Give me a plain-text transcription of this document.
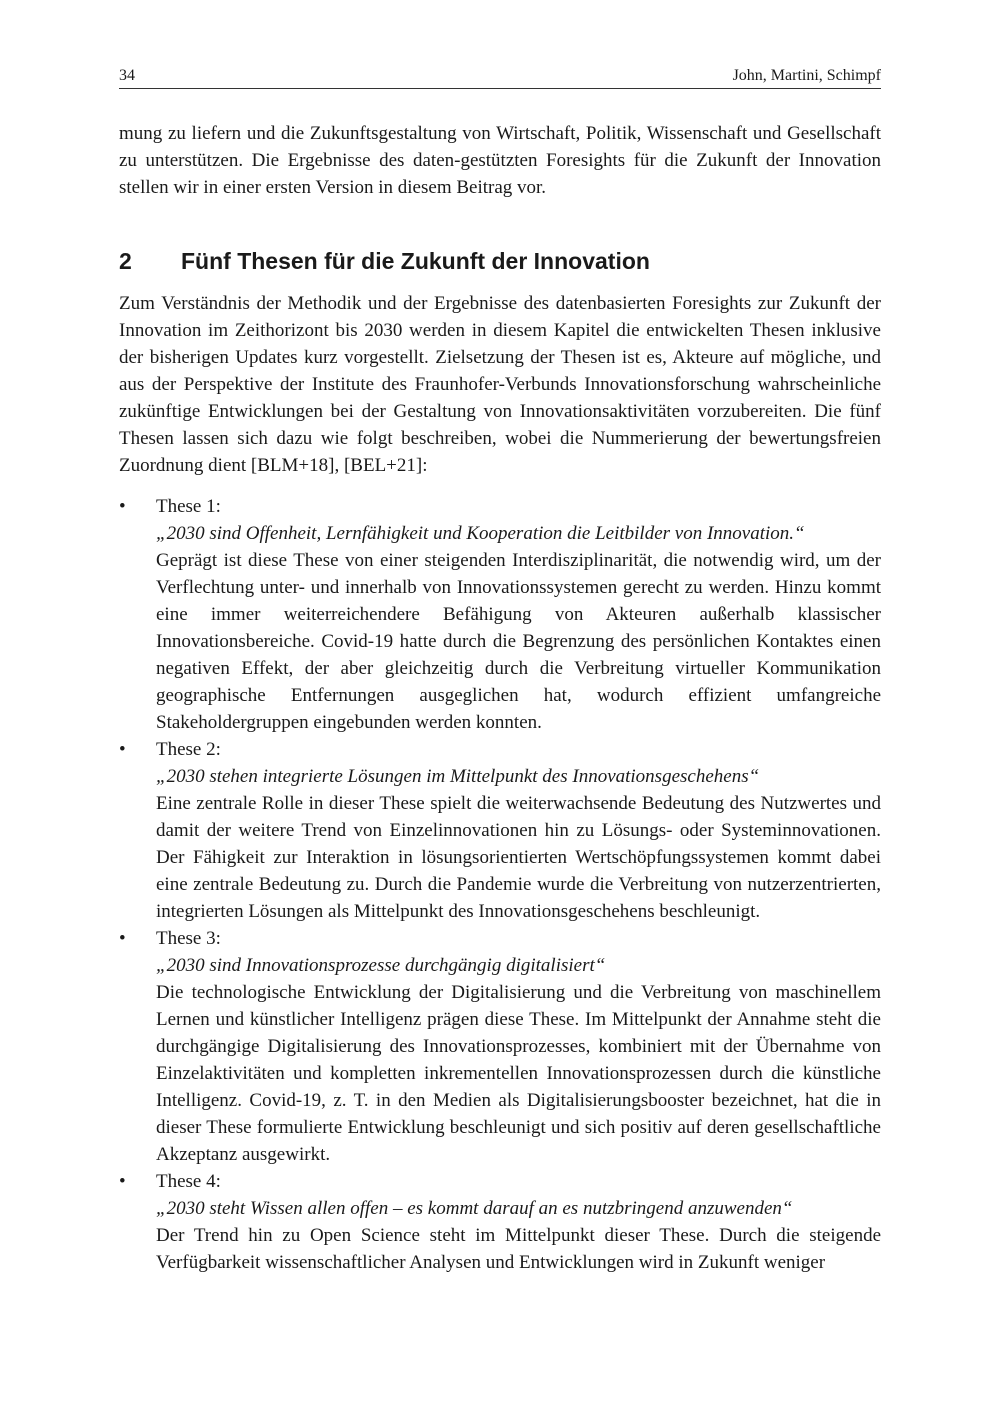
34	John, Martini, Schimpf

mung zu liefern und die Zukunftsgestaltung von Wirtschaft, Politik, Wissenschaft und Gesellschaft zu unterstützen. Die Ergebnisse des daten-gestützten Foresights für die Zukunft der Innovation stellen wir in einer ersten Version in diesem Beitrag vor.

2 Fünf Thesen für die Zukunft der Innovation

Zum Verständnis der Methodik und der Ergebnisse des datenbasierten Foresights zur Zukunft der Innovation im Zeithorizont bis 2030 werden in diesem Kapitel die entwickelten Thesen inklusive der bisherigen Updates kurz vorgestellt. Zielsetzung der Thesen ist es, Akteure auf mögliche, und aus der Perspektive der Institute des Fraunhofer-Verbunds Innovationsforschung wahrscheinliche zukünftige Entwicklungen bei der Gestaltung von Innovationsaktivitäten vorzubereiten. Die fünf Thesen lassen sich dazu wie folgt beschreiben, wobei die Nummerierung der bewertungsfreien Zuordnung dient [BLM+18], [BEL+21]:

•	These 1:
„2030 sind Offenheit, Lernfähigkeit und Kooperation die Leitbilder von Innovation.“
Geprägt ist diese These von einer steigenden Interdisziplinarität, die notwendig wird, um der Verflechtung unter- und innerhalb von Innovationssystemen gerecht zu werden. Hinzu kommt eine immer weiterreichendere Befähigung von Akteuren außerhalb klassischer Innovationsbereiche. Covid-19 hatte durch die Begrenzung des persönlichen Kontaktes einen negativen Effekt, der aber gleichzeitig durch die Verbreitung virtueller Kommunikation geographische Entfernungen ausgeglichen hat, wodurch effizient umfangreiche Stakeholdergruppen eingebunden werden konnten.
•	These 2:
„2030 stehen integrierte Lösungen im Mittelpunkt des Innovationsgeschehens“
Eine zentrale Rolle in dieser These spielt die weiterwachsende Bedeutung des Nutzwertes und damit der weitere Trend von Einzelinnovationen hin zu Lösungs- oder Systeminnovationen. Der Fähigkeit zur Interaktion in lösungsorientierten Wertschöpfungssystemen kommt dabei eine zentrale Bedeutung zu. Durch die Pandemie wurde die Verbreitung von nutzerzentrierten, integrierten Lösungen als Mittelpunkt des Innovationsgeschehens beschleunigt.
•	These 3:
„2030 sind Innovationsprozesse durchgängig digitalisiert“
Die technologische Entwicklung der Digitalisierung und die Verbreitung von maschinellem Lernen und künstlicher Intelligenz prägen diese These. Im Mittelpunkt der Annahme steht die durchgängige Digitalisierung des Innovationsprozesses, kombiniert mit der Übernahme von Einzelaktivitäten und kompletten inkrementellen Innovationsprozessen durch die künstliche Intelligenz. Covid-19, z. T. in den Medien als Digitalisierungsbooster bezeichnet, hat die in dieser These formulierte Entwicklung beschleunigt und sich positiv auf deren gesellschaftliche Akzeptanz ausgewirkt.
•	These 4:
„2030 steht Wissen allen offen – es kommt darauf an es nutzbringend anzuwenden“
Der Trend hin zu Open Science steht im Mittelpunkt dieser These. Durch die steigende Verfügbarkeit wissenschaftlicher Analysen und Entwicklungen wird in Zukunft weniger
